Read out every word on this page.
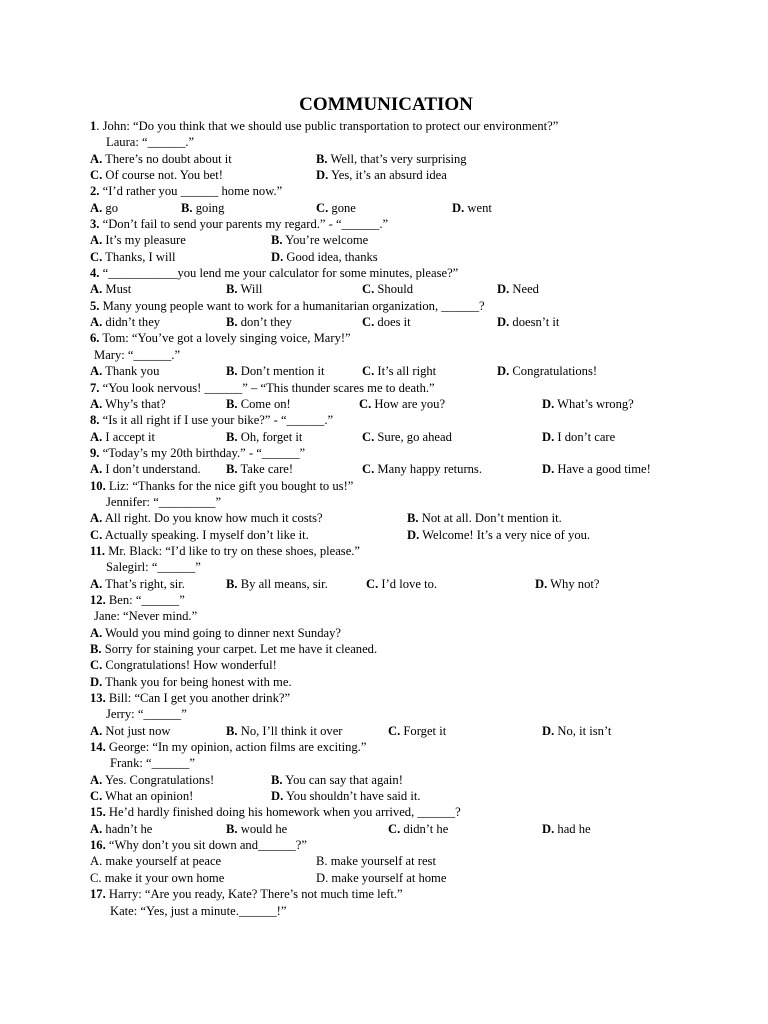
COMMUNICATION
1. John: “Do you think that we should use public transportation to protect our environment?”
Laura: “______.”
A. There’s no doubt about it	B. Well, that’s very surprising
C. Of course not. You bet!	D. Yes, it’s an absurd idea
2. “I’d rather you ______ home now.”
A. go	B. going	C. gone	D. went
3. “Don’t fail to send your parents my regard.” - “______.”
A. It’s my pleasure	B. You’re welcome
C. Thanks, I will	D. Good idea, thanks
4. “___________you lend me your calculator for some minutes, please?”
A. Must	B. Will	C. Should	D. Need
5. Many young people want to work for a humanitarian organization, ______?
A. didn’t they	B. don’t they	C. does it	D. doesn’t it
6. Tom: “You’ve got a lovely singing voice, Mary!”
Mary: “______.”
A. Thank you	B. Don’t mention it	C. It’s all right	D. Congratulations!
7. “You look nervous! ______” – “This thunder scares me to death.”
A. Why’s that?	B. Come on!	C. How are you?	D. What’s wrong?
8. “Is it all right if I use your bike?” - “______.”
A. I accept it	B. Oh, forget it	C. Sure, go ahead	D. I don’t care
9. “Today’s my 20th birthday.” - “______”
A. I don’t understand. B. Take care!	C. Many happy returns.	D. Have a good time!
10. Liz: “Thanks for the nice gift you bought to us!”
Jennifer: “_________”
A. All right. Do you know how much it costs?	B. Not at all. Don’t mention it.
C. Actually speaking. I myself don’t like it.	D. Welcome! It’s a very nice of you.
11. Mr. Black: “I’d like to try on these shoes, please.”
Salegirl: “______”
A. That’s right, sir.	B. By all means, sir.	C. I’d love to.	D. Why not?
12. Ben: “______”
Jane: “Never mind.”
A. Would you mind going to dinner next Sunday?
B. Sorry for staining your carpet. Let me have it cleaned.
C. Congratulations! How wonderful!
D. Thank you for being honest with me.
13. Bill: “Can I get you another drink?”
Jerry: “______”
A. Not just now	B. No, I’ll think it over	C. Forget it	D. No, it isn’t
14. George: “In my opinion, action films are exciting.”
Frank: “______”
A. Yes. Congratulations!	B. You can say that again!
C. What an opinion!	D. You shouldn’t have said it.
15. He’d hardly finished doing his homework when you arrived, ______?
A. hadn’t he	B. would he	C. didn’t he	D. had he
16. “Why don’t you sit down and______?”
A. make yourself at peace	B. make yourself at rest
C. make it your own home	D. make yourself at home
17. Harry: “Are you ready, Kate? There’s not much time left.”
Kate: “Yes, just a minute.______!”
